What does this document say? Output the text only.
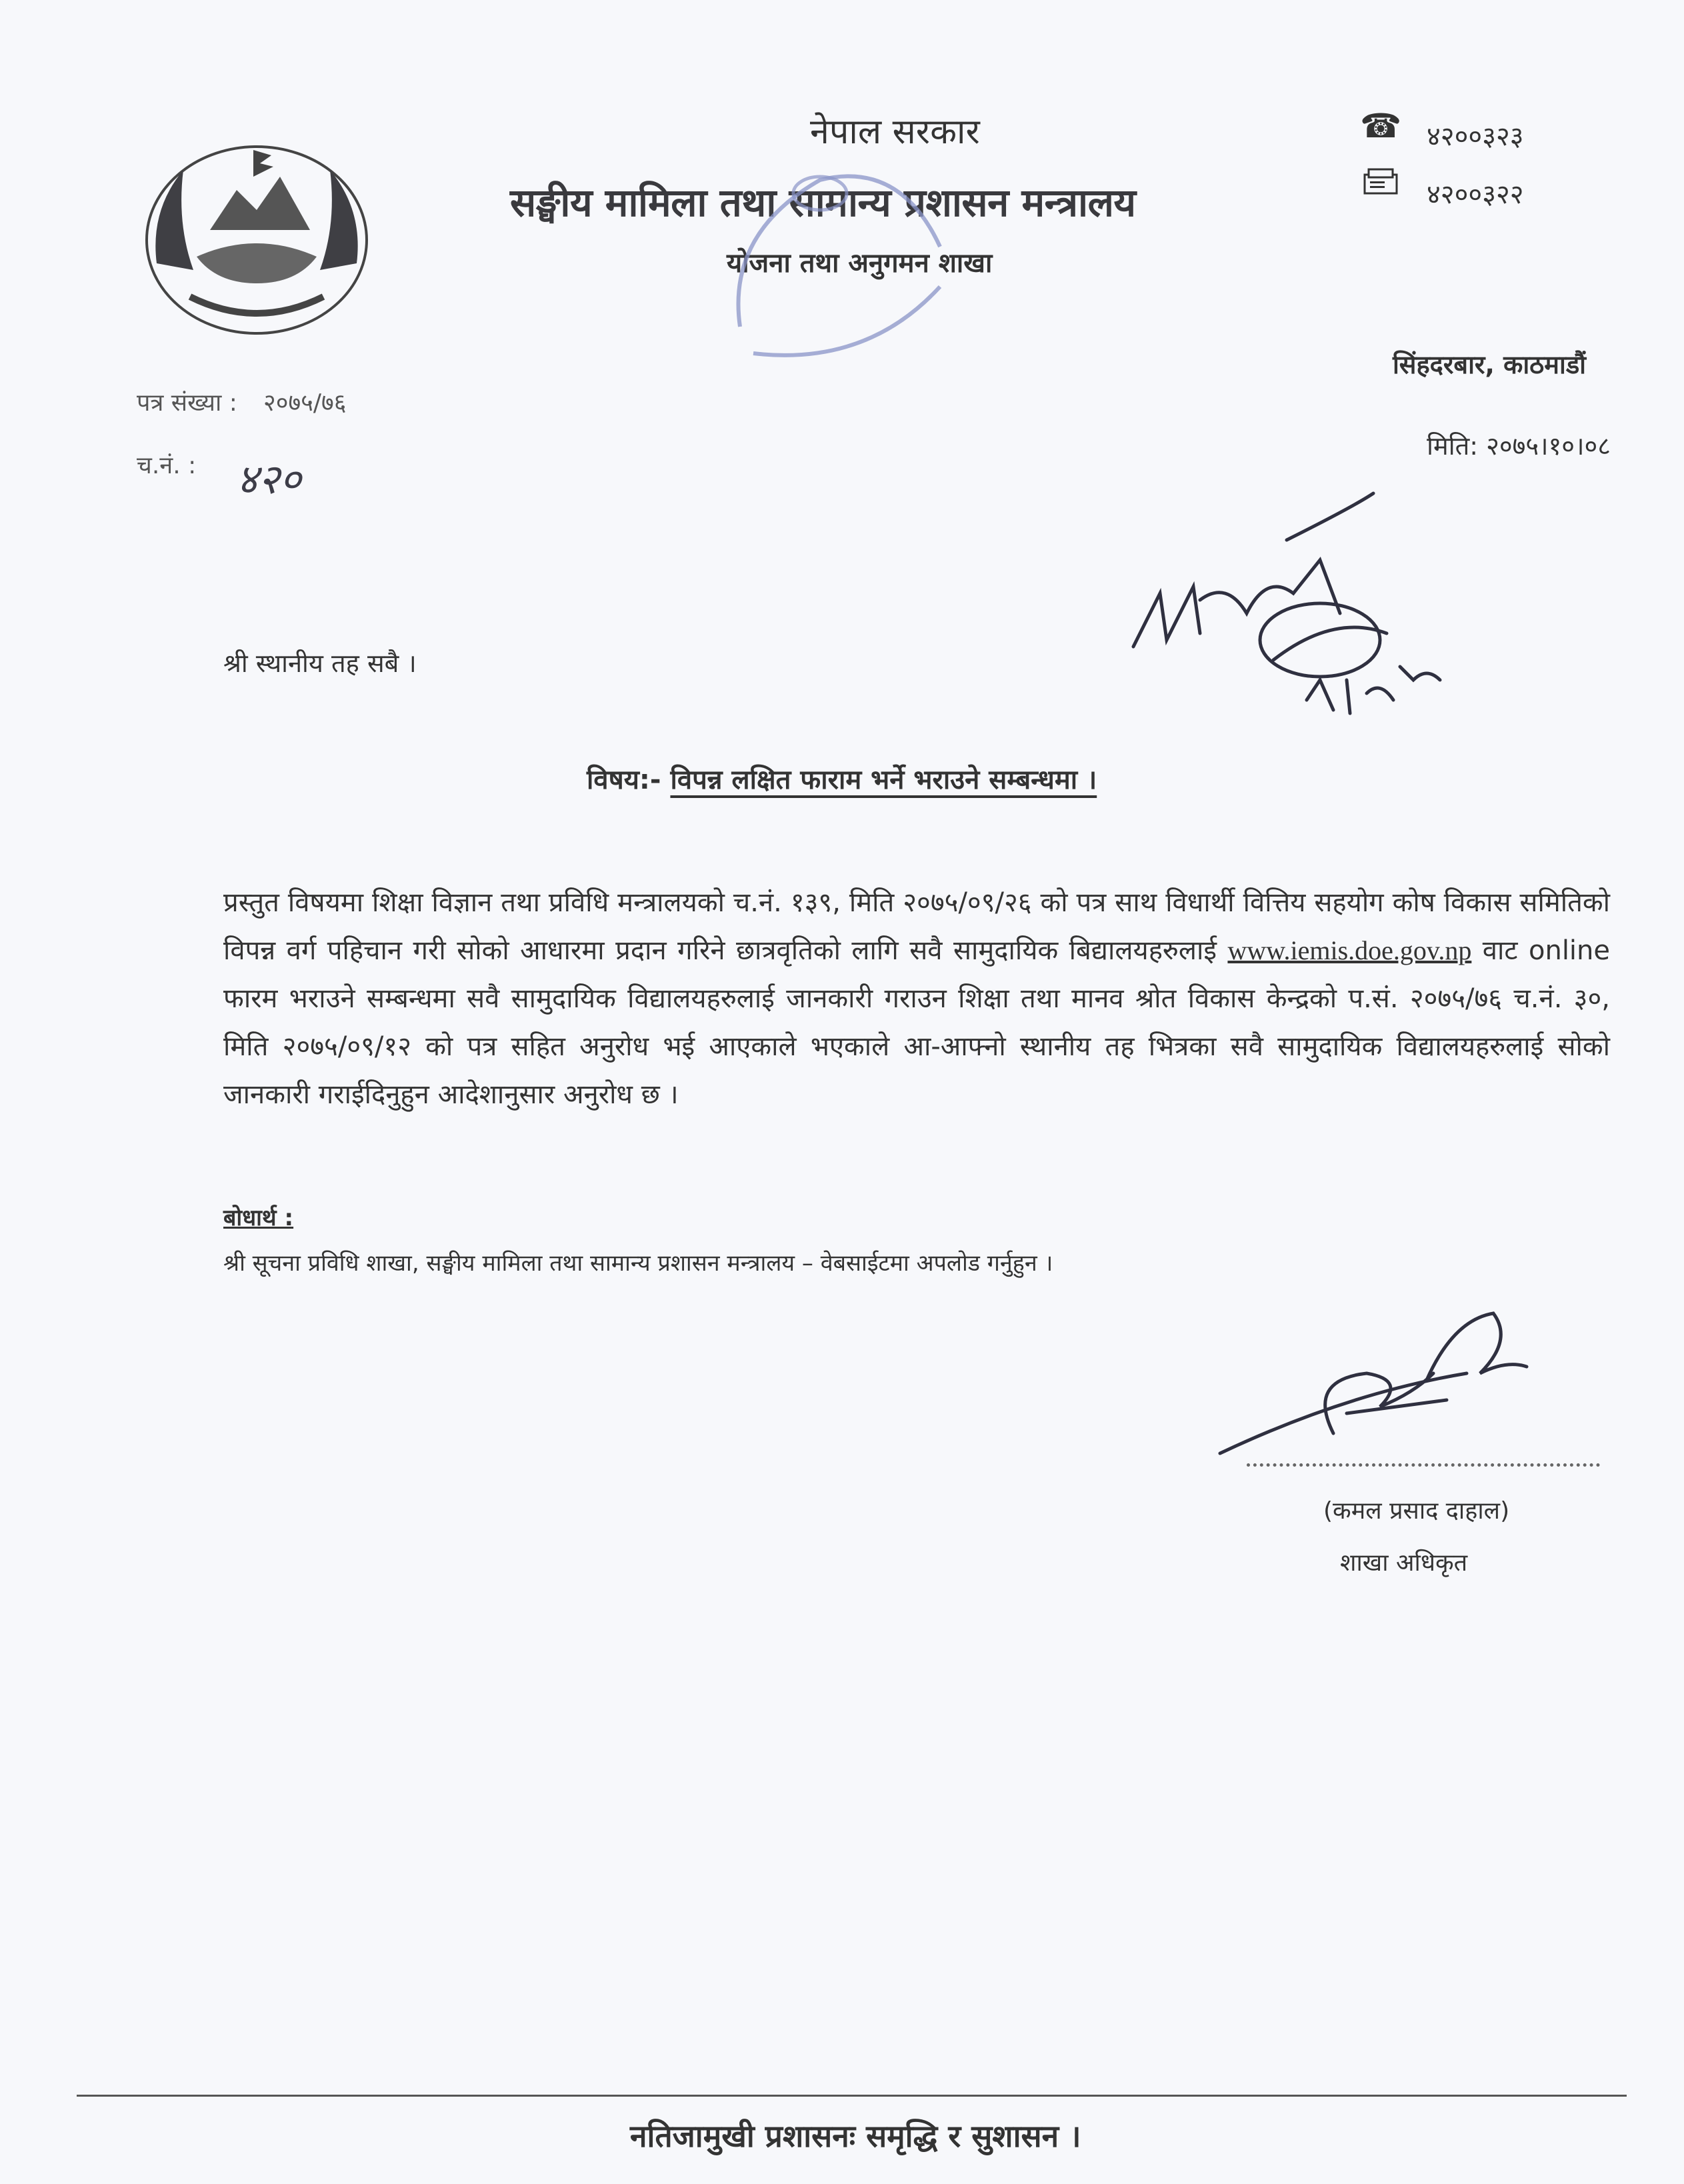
नेपाल सरकार
सङ्घीय मामिला तथा सामान्य प्रशासन मन्त्रालय
योजना तथा अनुगमन शाखा
☎ ४२००३२३
४२००३२२
सिंहदरबार, काठमाडौं
पत्र संख्या : २०७५/७६
च.नं. : ४२०
मिति: २०७५।१०।०८
श्री स्थानीय तह सबै ।
विषय:- विपन्न लक्षित फाराम भर्ने भराउने सम्बन्धमा ।
प्रस्तुत विषयमा शिक्षा विज्ञान तथा प्रविधि मन्त्रालयको च.नं. १३९, मिति २०७५/०९/२६ को पत्र साथ विधार्थी वित्तिय सहयोग कोष विकास समितिको विपन्न वर्ग पहिचान गरी सोको आधारमा प्रदान गरिने छात्रवृतिको लागि सवै सामुदायिक बिद्यालयहरुलाई www.iemis.doe.gov.np वाट online फारम भराउने सम्बन्धमा सवै सामुदायिक विद्यालयहरुलाई जानकारी गराउन शिक्षा तथा मानव श्रोत विकास केन्द्रको प.सं. २०७५/७६ च.नं. ३०, मिति २०७५/०९/१२ को पत्र सहित अनुरोध भई आएकाले भएकाले आ-आफ्नो स्थानीय तह भित्रका सवै सामुदायिक विद्यालयहरुलाई सोको जानकारी गराईदिनुहुन आदेशानुसार अनुरोध छ ।
बोधार्थ :
श्री सूचना प्रविधि शाखा, सङ्घीय मामिला तथा सामान्य प्रशासन मन्त्रालय – वेबसाईटमा अपलोड गर्नुहुन ।
(कमल प्रसाद दाहाल)
शाखा अधिकृत
नतिजामुखी प्रशासनः समृद्धि र सुशासन ।
